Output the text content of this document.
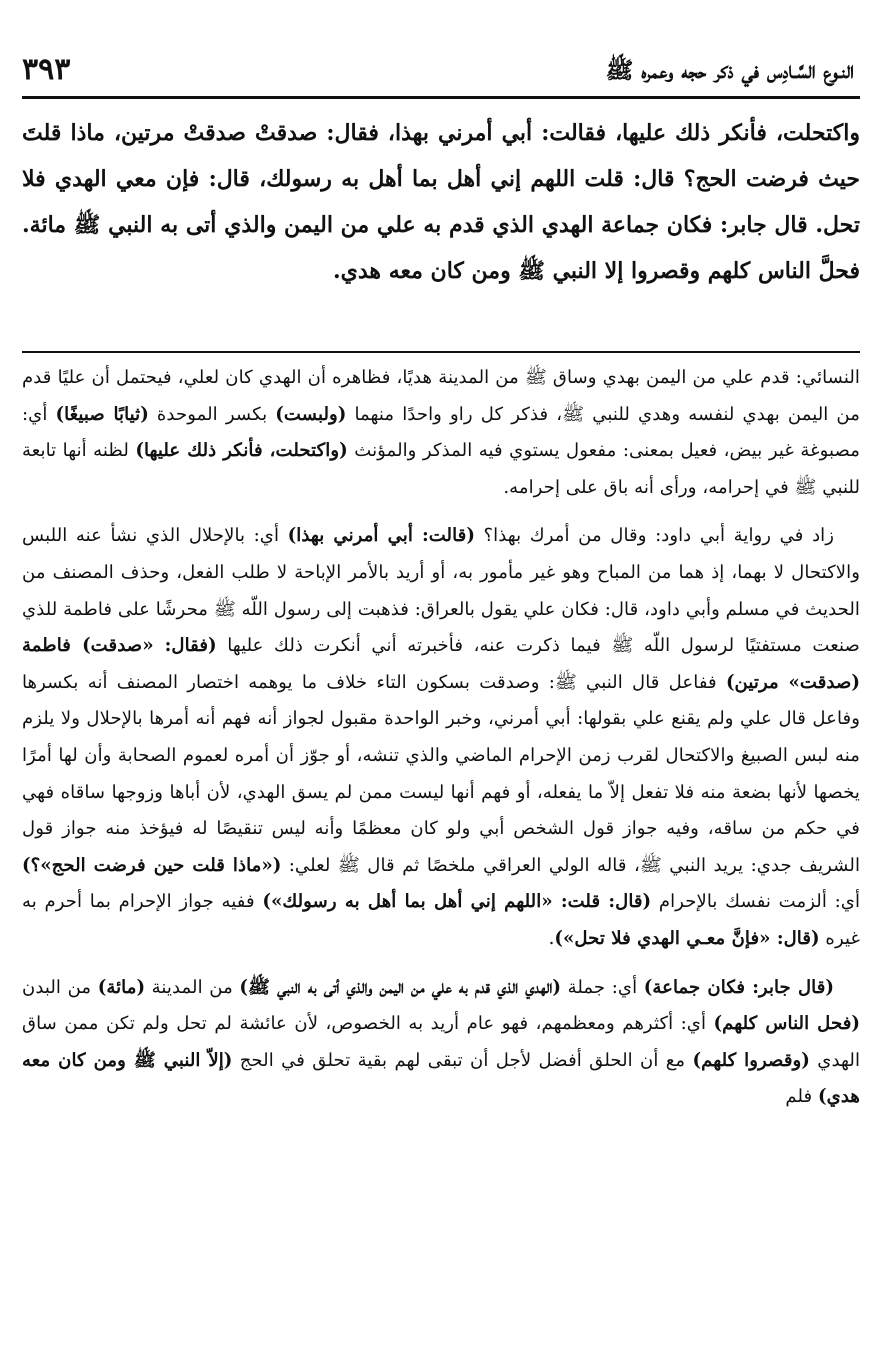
النـوع السَّـادِس في ذكر حجه وعمره ﷺ
٣٩٣

واكتحلت، فأنكر ذلك عليها، فقالت: أبي أمرني بهذا، فقال: صدقتْ صدقتْ مرتين، ماذا قلتَ حيث فرضت الحج؟ قال: قلت اللهم إني أهل بما أهل به رسولك، قال: فإن معي الهدي فلا تحل. قال جابر: فكان جماعة الهدي الذي قدم به علي من اليمن والذي أتى به النبي ﷺ مائة. فحلَّ الناس كلهم وقصروا إلا النبي ﷺ ومن كان معه هدي.

النسائي: قدم علي من اليمن بهدي وساق ﷺ من المدينة هديًا، فظاهره أن الهدي كان لعلي، فيحتمل أن عليًا قدم من اليمن بهدي لنفسه وهدي للنبي ﷺ، فذكر كل راو واحدًا منهما (ولبست) بكسر الموحدة (ثيابًا صبيغًا) أي: مصبوغة غير بيض، فعيل بمعنى: مفعول يستوي فيه المذكر والمؤنث (واكتحلت، فأنكر ذلك عليها) لظنه أنها تابعة للنبي ﷺ في إحرامه، ورأى أنه باق على إحرامه.

زاد في رواية أبي داود: وقال من أمرك بهذا؟ (قالت: أبي أمرني بهذا) أي: بالإحلال الذي نشأ عنه اللبس والاكتحال لا بهما، إذ هما من المباح وهو غير مأمور به، أو أريد بالأمر الإباحة لا طلب الفعل، وحذف المصنف من الحديث في مسلم وأبي داود، قال: فكان علي يقول بالعراق: فذهبت إلى رسول اللّه ﷺ محرشًا على فاطمة للذي صنعت مستفتيًا لرسول اللّه ﷺ فيما ذكرت عنه، فأخبرته أني أنكرت ذلك عليها (فقال: «صدقت) فاطمة (صدقت» مرتين) ففاعل قال النبي ﷺ: وصدقت بسكون التاء خلاف ما يوهمه اختصار المصنف أنه بكسرها وفاعل قال علي ولم يقنع علي بقولها: أبي أمرني، وخبر الواحدة مقبول لجواز أنه فهم أنه أمرها بالإحلال ولا يلزم منه لبس الصبيغ والاكتحال لقرب زمن الإحرام الماضي والذي تنشه، أو جوّز أن أمره لعموم الصحابة وأن لها أمرًا يخصها لأنها بضعة منه فلا تفعل إلاّ ما يفعله، أو فهم أنها ليست ممن لم يسق الهدي، لأن أباها وزوجها ساقاه فهي في حكم من ساقه، وفيه جواز قول الشخص أبي ولو كان معظمًا وأنه ليس تنقيصًا له فيؤخذ منه جواز قول الشريف جدي: يريد النبي ﷺ، قاله الولي العراقي ملخصًا ثم قال ﷺ لعلي: («ماذا قلت حين فرضت الحج»؟) أي: ألزمت نفسك بالإحرام (قال: قلت: «اللهم إني أهل بما أهل به رسولك») ففيه جواز الإحرام بما أحرم به غيره (قال: «فإنَّ معـي الهدي فلا تحل»).

(قال جابر: فكان جماعة) أي: جملة (الهدي الذي قدم به علي من اليمن والذي أتى به النبي ﷺ) من المدينة (مائة) من البدن (فحل الناس كلهم) أي: أكثرهم ومعظمهم، فهو عام أريد به الخصوص، لأن عائشة لم تحل ولم تكن ممن ساق الهدي (وقصروا كلهم) مع أن الحلق أفضل لأجل أن تبقى لهم بقية تحلق في الحج (إلاّ النبي ﷺ ومن كان معه هدي) فلم
